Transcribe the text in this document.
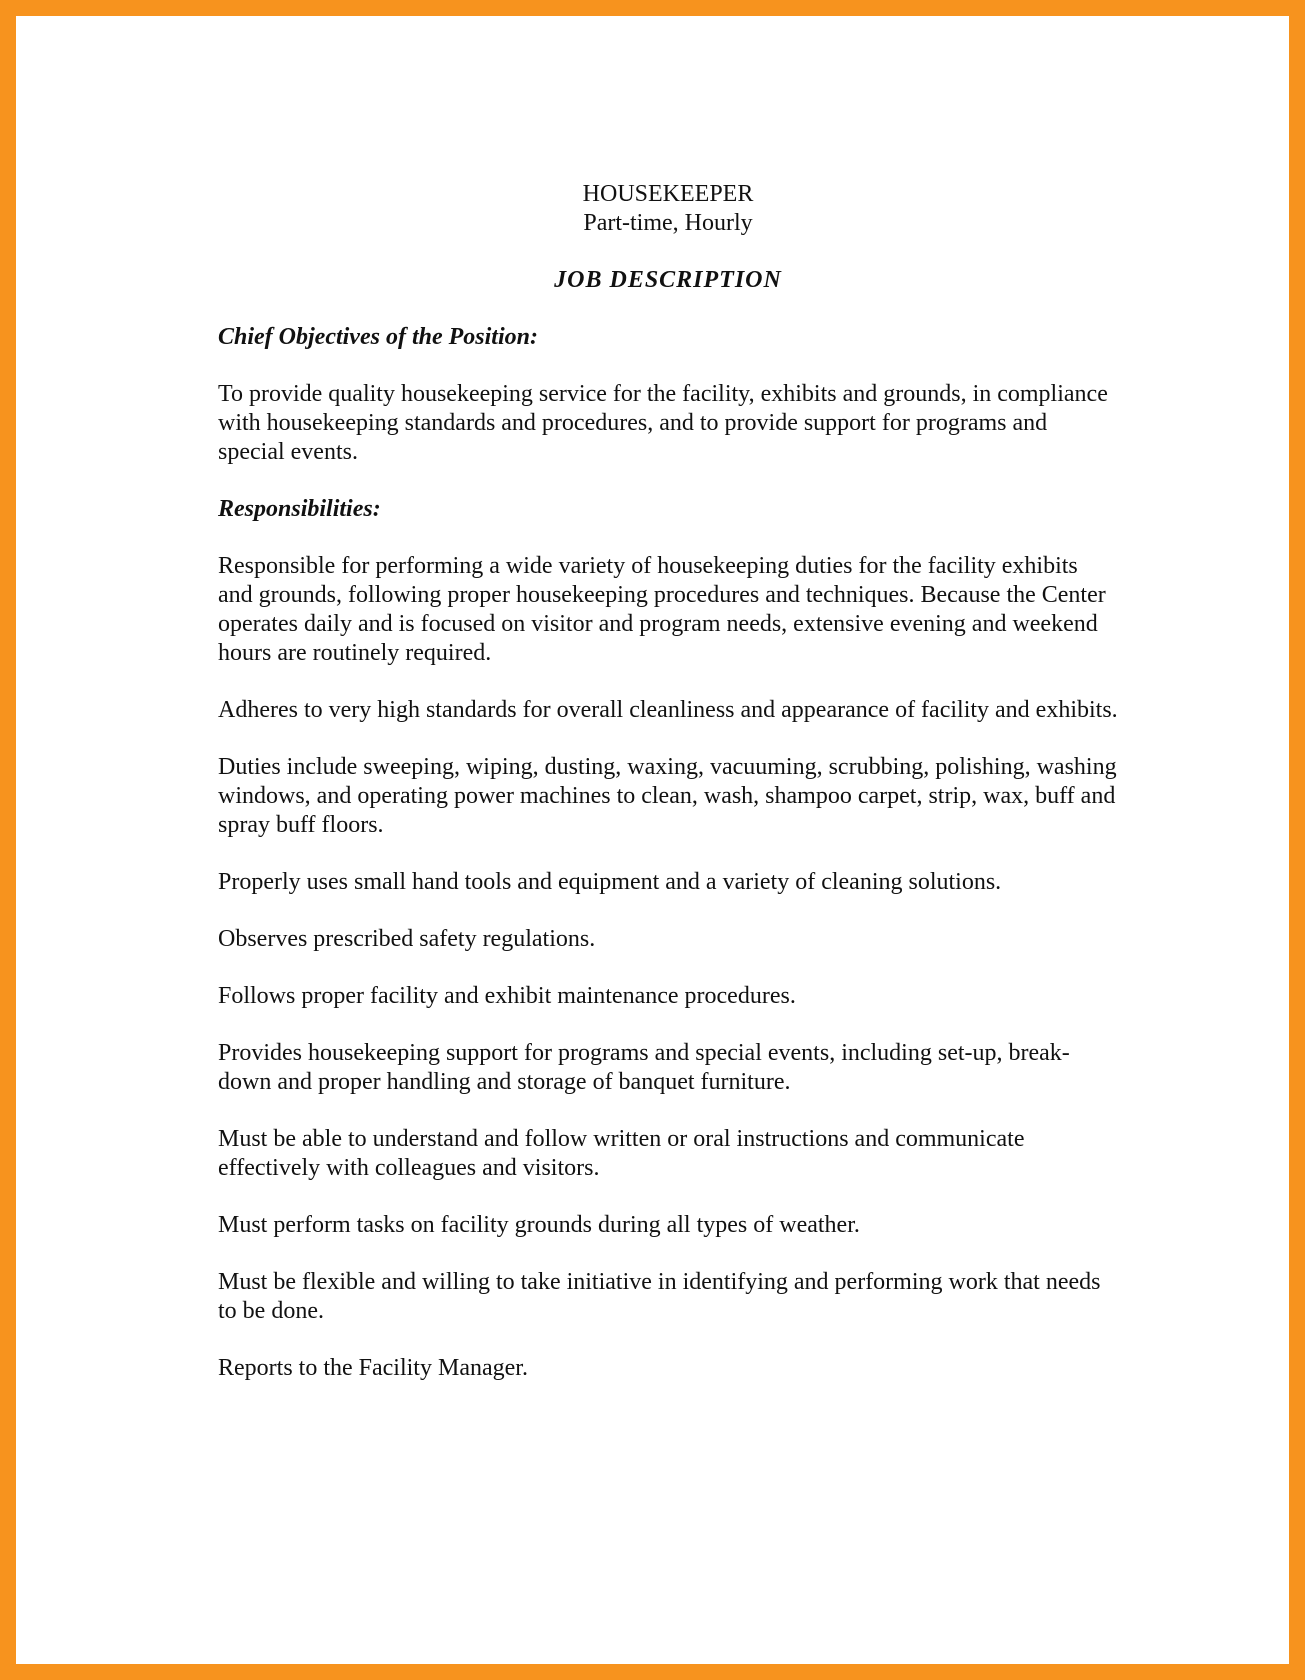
HOUSEKEEPER
Part-time, Hourly
JOB DESCRIPTION
Chief Objectives of the Position:
To provide quality housekeeping service for the facility, exhibits and grounds, in compliance with housekeeping standards and procedures, and to provide support for programs and special events.
Responsibilities:
Responsible for performing a wide variety of housekeeping duties for the facility exhibits and grounds, following proper housekeeping procedures and techniques. Because the Center operates daily and is focused on visitor and program needs, extensive evening and weekend hours are routinely required.
Adheres to very high standards for overall cleanliness and appearance of facility and exhibits.
Duties include sweeping, wiping, dusting, waxing, vacuuming, scrubbing, polishing, washing windows, and operating power machines to clean, wash, shampoo carpet, strip, wax, buff and spray buff floors.
Properly uses small hand tools and equipment and a variety of cleaning solutions.
Observes prescribed safety regulations.
Follows proper facility and exhibit maintenance procedures.
Provides housekeeping support for programs and special events, including set-up, break-down and proper handling and storage of banquet furniture.
Must be able to understand and follow written or oral instructions and communicate effectively with colleagues and visitors.
Must perform tasks on facility grounds during all types of weather.
Must be flexible and willing to take initiative in identifying and performing work that needs to be done.
Reports to the Facility Manager.
